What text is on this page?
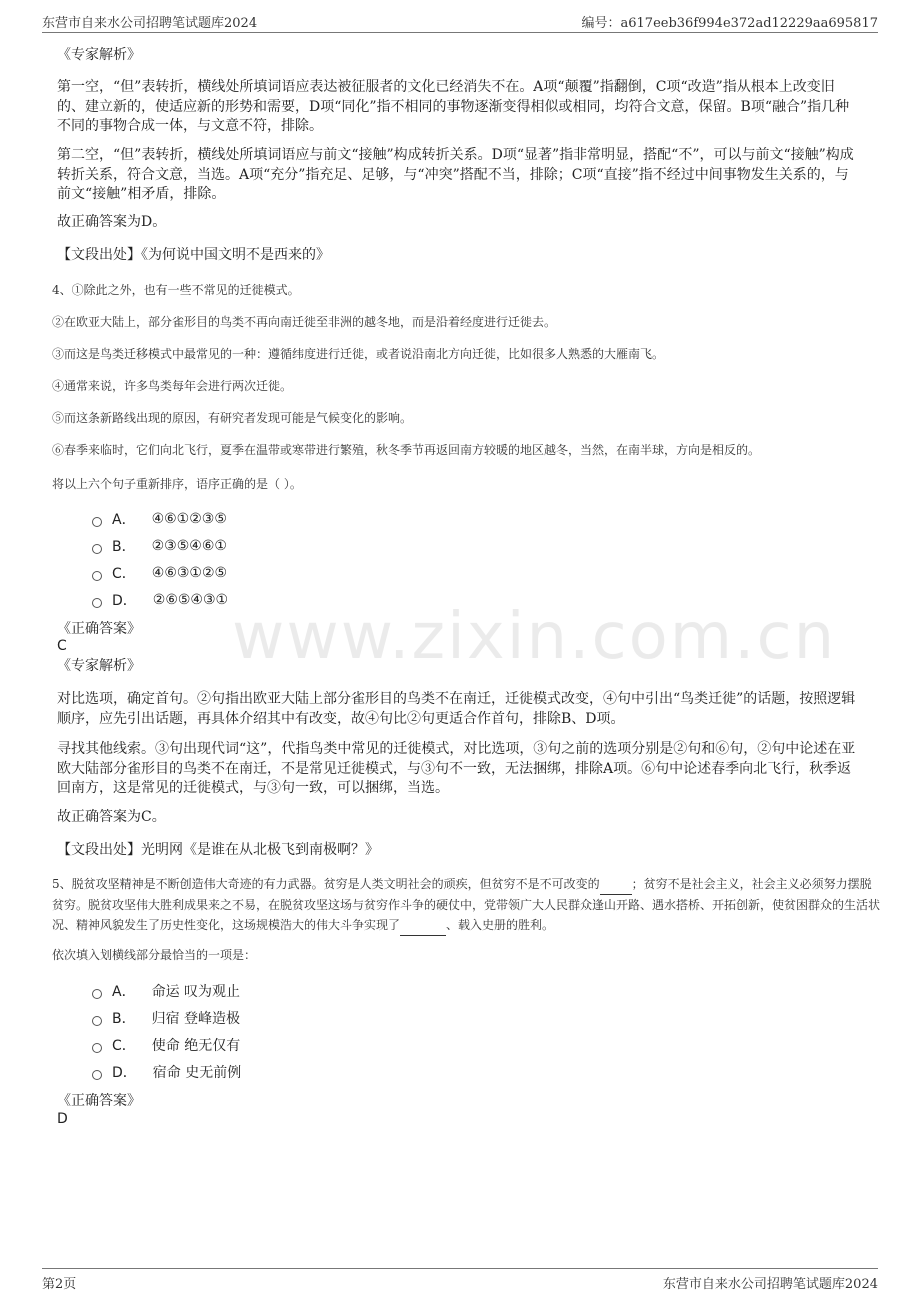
东营市自来水公司招聘笔试题库2024	编号：a617eeb36f994e372ad12229aa695817
www.zixin.com.cn
《专家解析》

第一空，“但”表转折，横线处所填词语应表达被征服者的文化已经消失不在。A项“颠覆”指翻倒，C项“改造”指从根本上改变旧的、建立新的，使适应新的形势和需要，D项“同化”指不相同的事物逐渐变得相似或相同，均符合文意，保留。B项“融合”指几种不同的事物合成一体，与文意不符，排除。

第二空，“但”表转折，横线处所填词语应与前文“接触”构成转折关系。D项“显著”指非常明显，搭配“不”，可以与前文“接触”构成转折关系，符合文意，当选。A项“充分”指充足、足够，与“冲突”搭配不当，排除；C项“直接”指不经过中间事物发生关系的，与前文“接触”相矛盾，排除。

故正确答案为D。
【文段出处】《为何说中国文明不是西来的》
4、①除此之外，也有一些不常见的迁徙模式。
②在欧亚大陆上，部分雀形目的鸟类不再向南迁徙至非洲的越冬地，而是沿着经度进行迁徙去。
③而这是鸟类迁移模式中最常见的一种：遵循纬度进行迁徙，或者说沿南北方向迁徙，比如很多人熟悉的大雁南飞。
④通常来说，许多鸟类每年会进行两次迁徙。
⑤而这条新路线出现的原因，有研究者发现可能是气候变化的影响。
⑥春季来临时，它们向北飞行，夏季在温带或寒带进行繁殖，秋冬季节再返回南方较暖的地区越冬，当然，在南半球，方向是相反的。
将以上六个句子重新排序，语序正确的是（ ）。
A． ④⑥①②③⑤
B． ②③⑤④⑥①
C． ④⑥③①②⑤
D． ②⑥⑤④③①
《正确答案》
C
《专家解析》

对比选项，确定首句。②句指出欧亚大陆上部分雀形目的鸟类不在南迁，迁徙模式改变，④句中引出“鸟类迁徙”的话题，按照逻辑顺序，应先引出话题，再具体介绍其中有改变，故④句比②句更适合作首句，排除B、D项。

寻找其他线索。③句出现代词“这”，代指鸟类中常见的迁徙模式，对比选项，③句之前的选项分别是②句和⑥句，②句中论述在亚欧大陆部分雀形目的鸟类不在南迁，不是常见迁徙模式，与③句不一致，无法捆绑，排除A项。⑥句中论述春季向北飞行，秋季返回南方，这是常见的迁徙模式，与③句一致，可以捆绑，当选。

故正确答案为C。
【文段出处】光明网《是谁在从北极飞到南极啊？》

5、脱贫攻坚精神是不断创造伟大奇迹的有力武器。贫穷是人类文明社会的顽疾，但贫穷不是不可改变的	；贫穷不是社会主义，社会主义必须努力摆脱贫穷。脱贫攻坚伟大胜利成果来之不易，在脱贫攻坚这场与贫穷作斗争的硬仗中，党带领广大人民群众逢山开路、遇水搭桥、开拓创新，使贫困群众的生活状况、精神风貌发生了历史性变化，这场规模浩大的伟大斗争实现了	、载入史册的胜利。

依次填入划横线部分最恰当的一项是：
A． 命运 叹为观止
B． 归宿 登峰造极
C． 使命 绝无仅有
D． 宿命 史无前例
《正确答案》
D
第2页	东营市自来水公司招聘笔试题库2024
